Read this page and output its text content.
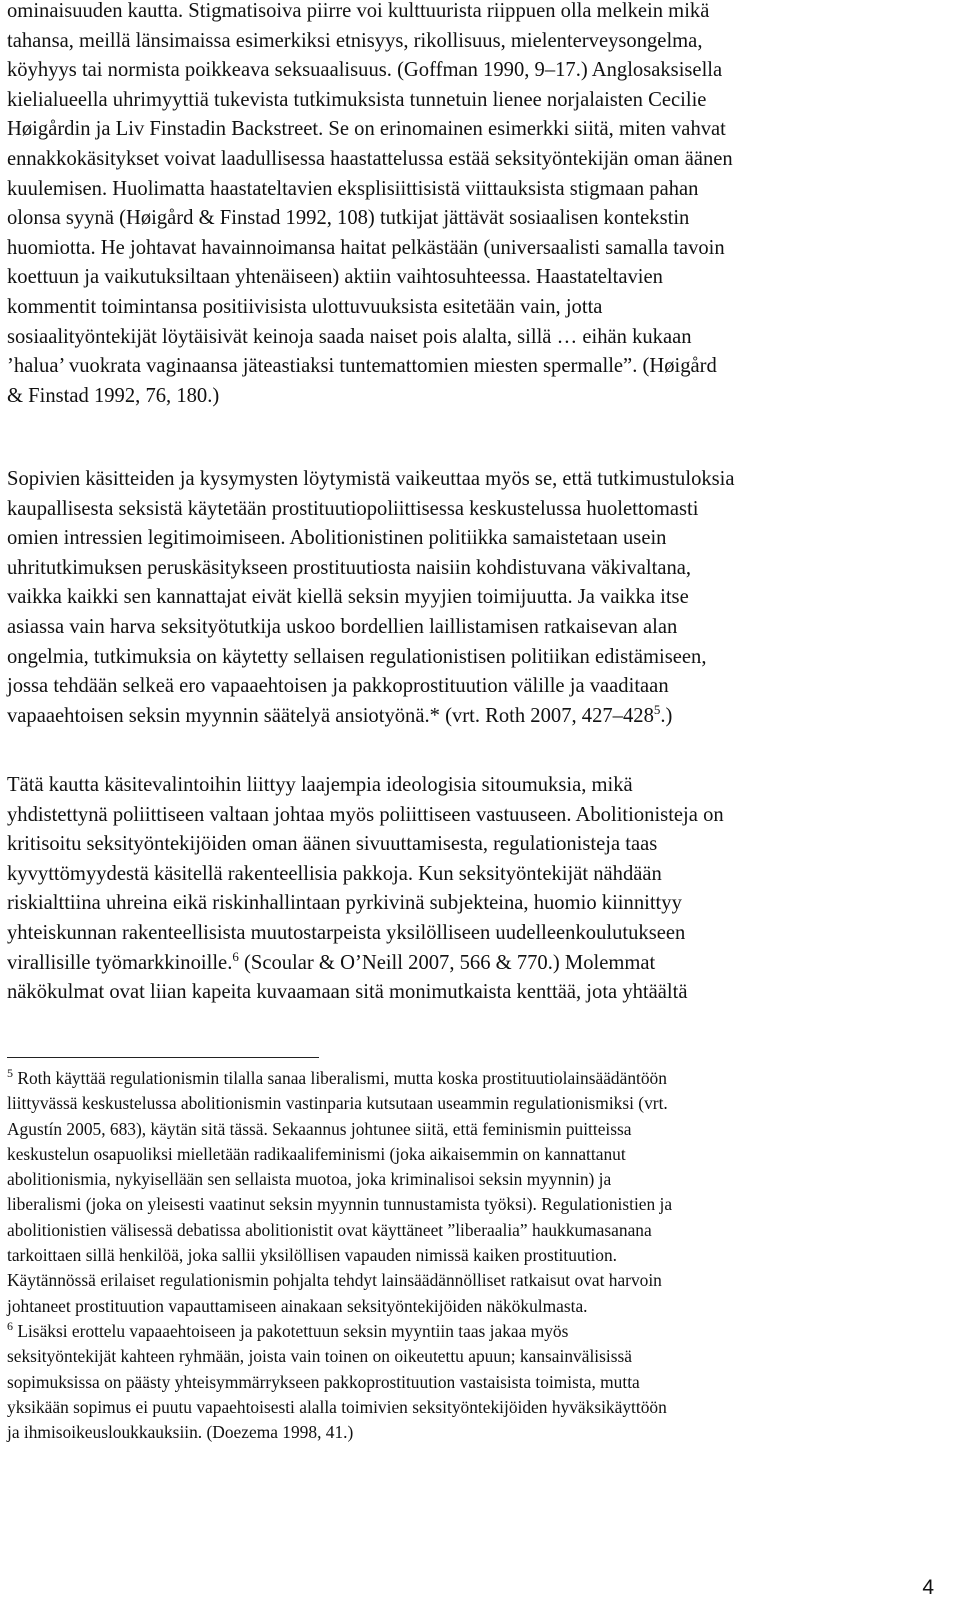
ominaisuuden kautta. Stigmatisoiva piirre voi kulttuurista riippuen olla melkein mikä
tahansa, meillä länsimaissa esimerkiksi etnisyys, rikollisuus, mielenterveysongelma,
köyhyys tai normista poikkeava seksuaalisuus. (Goffman 1990, 9–17.) Anglosaksisella
kielialueella uhrimyyttiä tukevista tutkimuksista tunnetuin lienee norjalaisten Cecilie
Høigårdin ja Liv Finstadin Backstreet. Se on erinomainen esimerkki siitä, miten vahvat
ennakkokäsitykset voivat laadullisessa haastattelussa estää seksityöntekijän oman äänen
kuulemisen. Huolimatta haastateltavien eksplisiittisistä viittauksista stigmaan pahan
olonsa syynä (Høigård & Finstad 1992, 108) tutkijat jättävät sosiaalisen kontekstin
huomiotta. He johtavat havainnoimansa haitat pelkästään (universaalisti samalla tavoin
koettuun ja vaikutuksiltaan yhtenäiseen) aktiin vaihtosuhteessa. Haastateltavien
kommentit toimintansa positiivisista ulottuvuuksista esitetään vain, jotta
sosiaalityöntekijät löytäisivät keinoja saada naiset pois alalta, sillä … eihän kukaan
’halua’ vuokrata vaginaansa jäteastiaksi tuntemattomien miesten spermalle”. (Høigård
& Finstad 1992, 76, 180.)

Sopivien käsitteiden ja kysymysten löytymistä vaikeuttaa myös se, että tutkimustuloksia
kaupallisesta seksistä käytetään prostituutiopoliittisessa keskustelussa huolettomasti
omien intressien legitimoimiseen. Abolitionistinen politiikka samaistetaan usein
uhritutkimuksen peruskäsitykseen prostituutiosta naisiin kohdistuvana väkivaltana,
vaikka kaikki sen kannattajat eivät kiellä seksin myyjien toimijuutta. Ja vaikka itse
asiassa vain harva seksityötutkija uskoo bordellien laillistamisen ratkaisevan alan
ongelmia, tutkimuksia on käytetty sellaisen regulationistisen politiikan edistämiseen,
jossa tehdään selkeä ero vapaaehtoisen ja pakkoprostituution välille ja vaaditaan
vapaaehtoisen seksin myynnin säätelyä ansiotyönä.* (vrt. Roth 2007, $427-428^5$.)

Tätä kautta käsitevalintoihin liittyy laajempia ideologisia sitoumuksia, mikä
yhdistettynä poliittiseen valtaan johtaa myös poliittiseen vastuuseen. Abolitionisteja on
kritisoitu seksityöntekijöiden oman äänen sivuuttamisesta, regulationisteja taas
kyvyttömyydestä käsitellä rakenteellisia pakkoja. Kun seksityöntekijät nähdään
riskialttiina uhreina eikä riskinhallintaan pyrkivinä subjekteina, huomio kiinnittyy
yhteiskunnan rakenteellisista muutostarpeista yksilölliseen uudelleenkoulutukseen
virallisille työmarkkinoille.$^6$ (Scoular & O’Neill 2007, 566 & 770.) Molemmat
näkökulmat ovat liian kapeita kuvaamaan sitä monimutkaista kenttää, jota yhtäältä

$^5$ Roth käyttää regulationismin tilalla sanaa liberalismi, mutta koska prostituutiolainsäädäntöön
liittyvässä keskustelussa abolitionismin vastinparia kutsutaan useammin regulationismiksi (vrt.
Agustín 2005, 683), käytän sitä tässä. Sekaannus johtunee siitä, että feminismin puitteissa
keskustelun osapuoliksi mielletään radikaalifeminismi (joka aikaisemmin on kannattanut
abolitionismia, nykyisellään sen sellaista muotoa, joka kriminalisoi seksin myynnin) ja
liberalismi (joka on yleisesti vaatinut seksin myynnin tunnustamista työksi). Regulationistien ja
abolitionistien välisessä debatissa abolitionistit ovat käyttäneet ”liberaalia” haukkumasanana
tarkoittaen sillä henkilöä, joka sallii yksilöllisen vapauden nimissä kaiken prostituution.
Käytännössä erilaiset regulationismin pohjalta tehdyt lainsäädännölliset ratkaisut ovat harvoin
johtaneet prostituution vapauttamiseen ainakaan seksityöntekijöiden näkökulmasta.

$^6$ Lisäksi erottelu vapaaehtoiseen ja pakotettuun seksin myyntiin taas jakaa myös
seksityöntekijät kahteen ryhmään, joista vain toinen on oikeutettu apuun; kansainvälisissä
sopimuksissa on päästy yhteisymmärrykseen pakkoprostituution vastaisista toimista, mutta
yksikään sopimus ei puutu vapaehtoisesti alalla toimivien seksityöntekijöiden hyväksikäyttöön
ja ihmisoikeusloukkauksiin. (Doezema 1998, 41.)

4
